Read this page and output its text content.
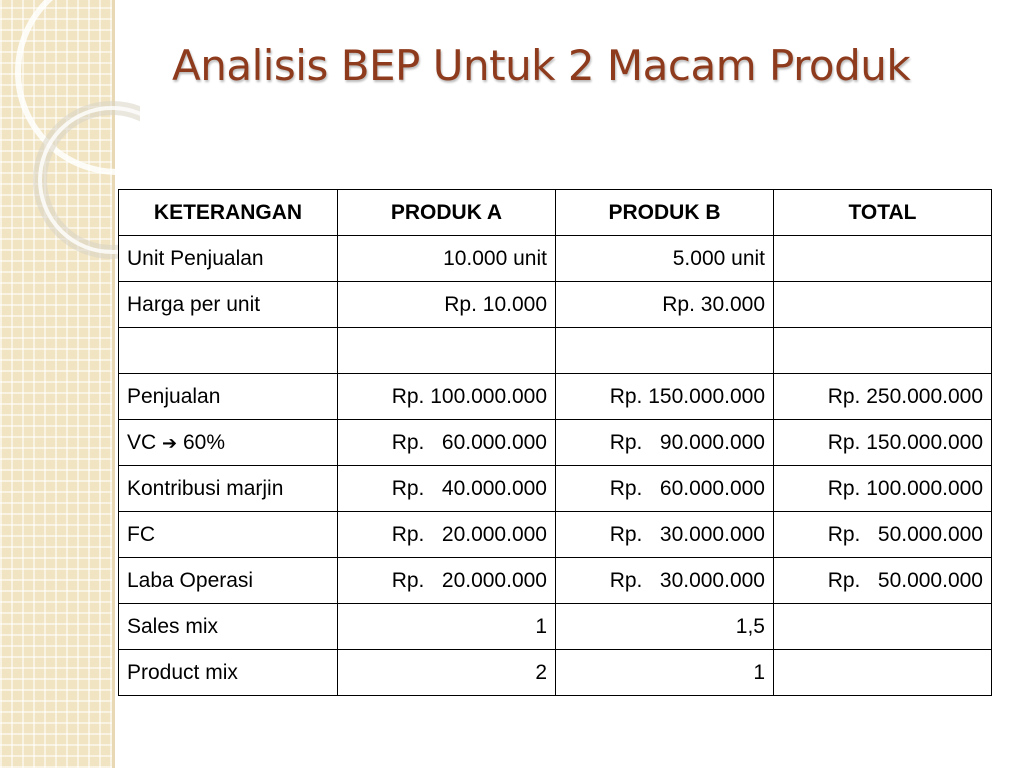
Analisis BEP Untuk 2 Macam Produk
KETERANGAN	PRODUK A	PRODUK B	TOTAL
Unit Penjualan	10.000 unit	5.000 unit	
Harga per unit	Rp. 10.000	Rp. 30.000	

Penjualan	Rp. 100.000.000	Rp. 150.000.000	Rp. 250.000.000
VC ➔ 60%	Rp.   60.000.000	Rp.   90.000.000	Rp. 150.000.000
Kontribusi marjin	Rp.   40.000.000	Rp.   60.000.000	Rp. 100.000.000
FC	Rp.   20.000.000	Rp.   30.000.000	Rp.   50.000.000
Laba Operasi	Rp.   20.000.000	Rp.   30.000.000	Rp.   50.000.000
Sales mix	1	1,5	
Product mix	2	1	
